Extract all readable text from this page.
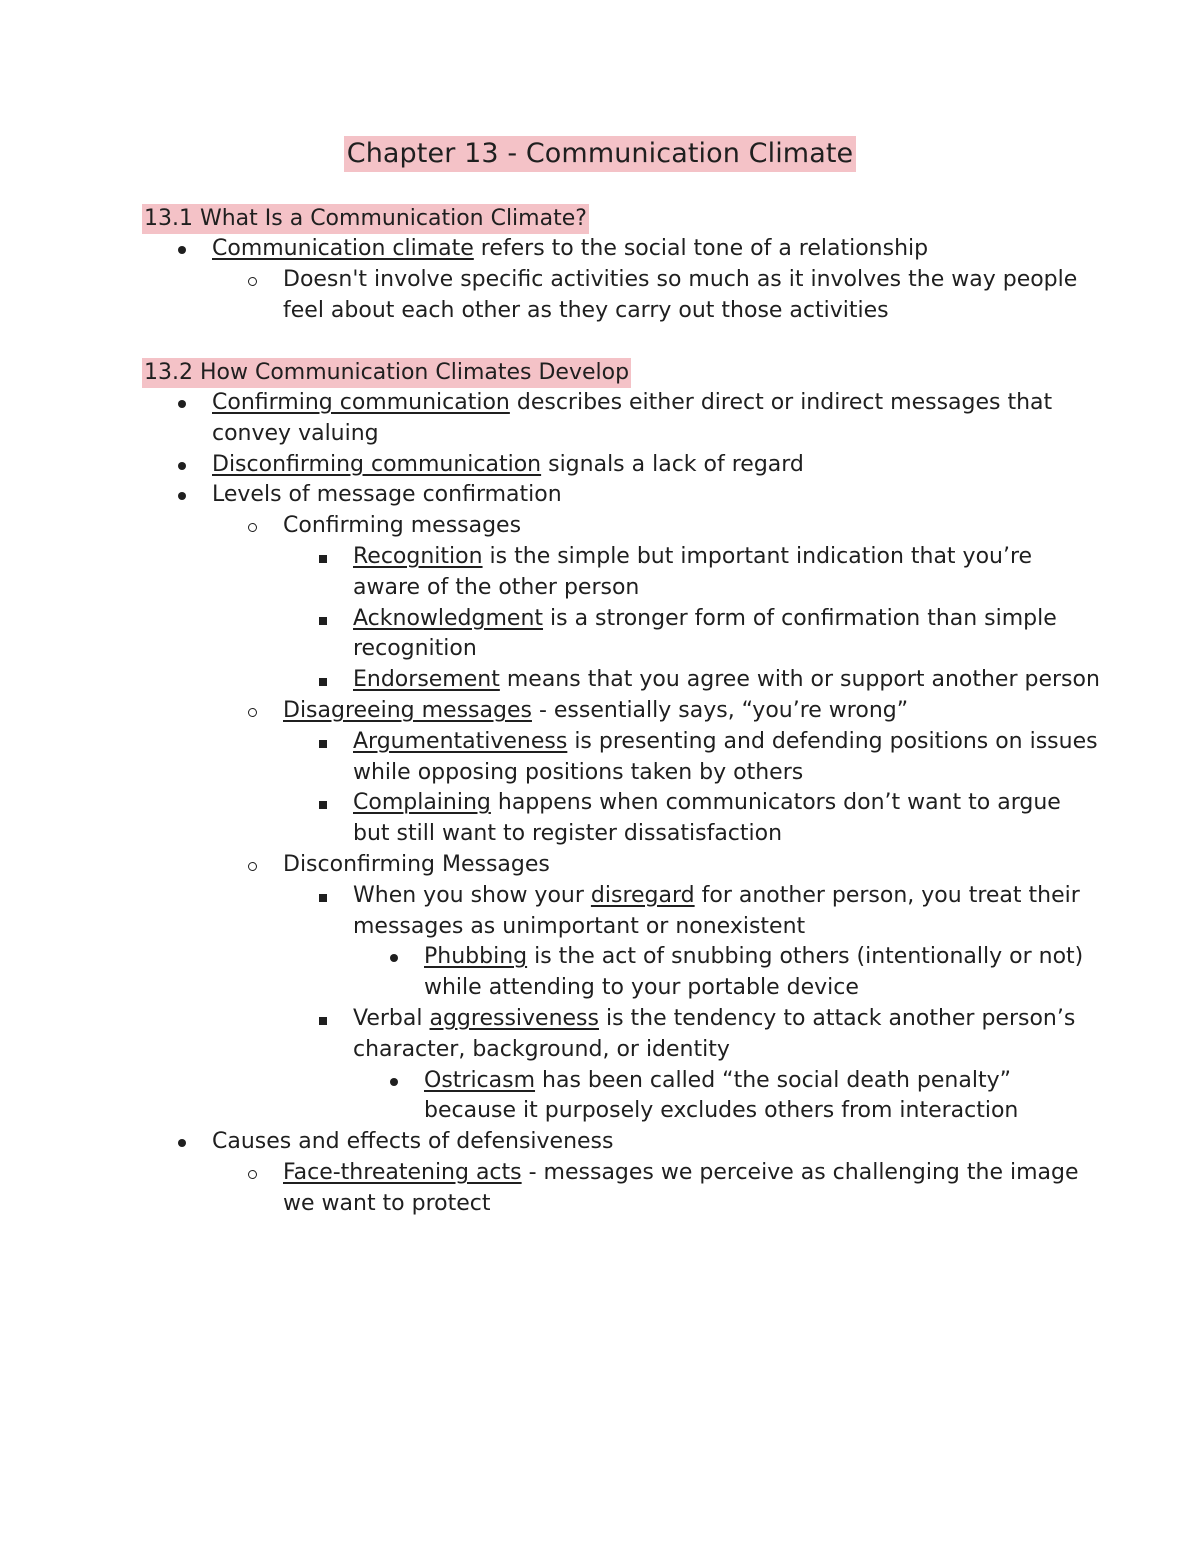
Chapter 13 - Communication Climate
13.1 What Is a Communication Climate?
Communication climate refers to the social tone of a relationship
Doesn't involve specific activities so much as it involves the way people feel about each other as they carry out those activities
13.2 How Communication Climates Develop
Confirming communication describes either direct or indirect messages that convey valuing
Disconfirming communication signals a lack of regard
Levels of message confirmation
Confirming messages
Recognition is the simple but important indication that you’re aware of the other person
Acknowledgment is a stronger form of confirmation than simple recognition
Endorsement means that you agree with or support another person
Disagreeing messages - essentially says, “you’re wrong”
Argumentativeness is presenting and defending positions on issues while opposing positions taken by others
Complaining happens when communicators don’t want to argue but still want to register dissatisfaction
Disconfirming Messages
When you show your disregard for another person, you treat their messages as unimportant or nonexistent
Phubbing is the act of snubbing others (intentionally or not) while attending to your portable device
Verbal aggressiveness is the tendency to attack another person’s character, background, or identity
Ostricasm has been called “the social death penalty” because it purposely excludes others from interaction
Causes and effects of defensiveness
Face-threatening acts - messages we perceive as challenging the image we want to protect
